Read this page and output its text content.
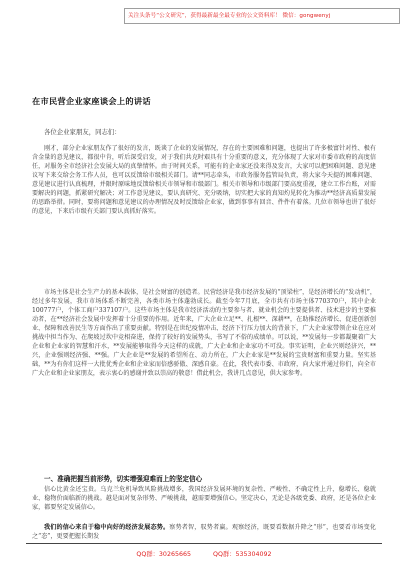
关注头条号“公文研究”，获得最新最全最专业的公文资料库！ 微信：gongwenyj
在市民营企业家座谈会上的讲话
各位企业家朋友，同志们：

刚才，部分企业家朋友作了很好的发言，既谈了企业的发展情况，存在的主要困难和问题，也提出了许多极富针对性、极有含金量的意见建议，都很中肯，听后深受启发，对于我们共克时艰具有十分重要的意义，充分体现了大家对市委市政府的高度信任，对服务全市经济社会发展大局的真挚情怀。由于时间关系，可能有的企业家还没来得及发言，大家可以把困难问题、意见建议写下来交给会务工作人员，也可以反馈给市级相关部门。请**同志牵头，市政务服务监管局负责，将大家今天提的困难问题、意见建议进行认真梳理，并限时原味地反馈给相关市领导和市级部门。相关市领导和市级部门要高度重视，建立工作台账，对需要解决的问题，抓紧研究解决；对工作意见建议，要认真研究、充分吸纳，切实把大家的真知灼见转化为推动**经济高质量发展的思路举措。同时，要将问题和意见建议的办理情况及时反馈给企业家，做到事事有回音、件件有着落。几位市领导也讲了很好的意见，下来后市级有关部门要认真抓好落实。

市场主体是社会生产力的基本载体，是社会财富的创造者。民营经济是我市经济发展的“顶梁柱”，是经济增长的“发动机”，经过多年发展，我市市场体系不断完善，各类市场主体蓬勃成长。截至今年7月底，全市共有市场主体770370户，其中企业100777户，个体工商户337107户。这些市场主体是我市经济活动的主要参与者、就业机会的主要提供者、技术进步的主要推动者，在**经济社会发展中发挥着十分重要的作用。近年来，广大企业立足**、扎根**、深耕**，在助推经济增长、促进创新创业、保障和改善民生等方面作出了重要贡献。特别是在世纪疫情冲击、经济下行压力加大的背景下，广大企业家带领企业在应对挑战中担当作为、在爬坡过坎中竞相奋进，保持了较好的发展势头，书写了不俗的成绩单。可以说，**发展每一步都凝聚着广大企业和企业家的智慧和汗水，**发展能够取得今天这样的成就，广大企业和企业家功不可没。事实证明，企业兴则经济兴，**兴，企业强则经济强、**强。广大企业是**发展的希望所在、动力所在，广大企业家是**发展的宝贵财富和重要力量。坚实基础，**为有你们这样一大批优秀企业和企业家而倍感骄傲、深感自豪。在此，我代表市委、市政府，向大家并通过你们，向全市广大企业和企业家朋友，表示衷心的感谢并致以崇高的敬意！借此机会，我讲几点意见，供大家参考。

一、准确把握当前形势，切实增强迎难而上的坚定信心

信心比黄金还宝贵。乌克兰危机导致风险挑战增多，我国经济发展环境的复杂性、严峻性、不确定性上升，稳增长、稳就业、稳物价面临新的挑战。越是面对复杂形势、严峻挑战，越需要增强信心。坚定决心，无论是各级党委、政府，还是各位企业家，都要坚定发展信心。

我们的信心来自于稳中向好的经济发展态势。察势者智，驭势者赢。观察经济，既要看数据升降之“形”，也要看市场变化之“态”，更要把握长期发

QQ群：30265665	QQ群：535304092
